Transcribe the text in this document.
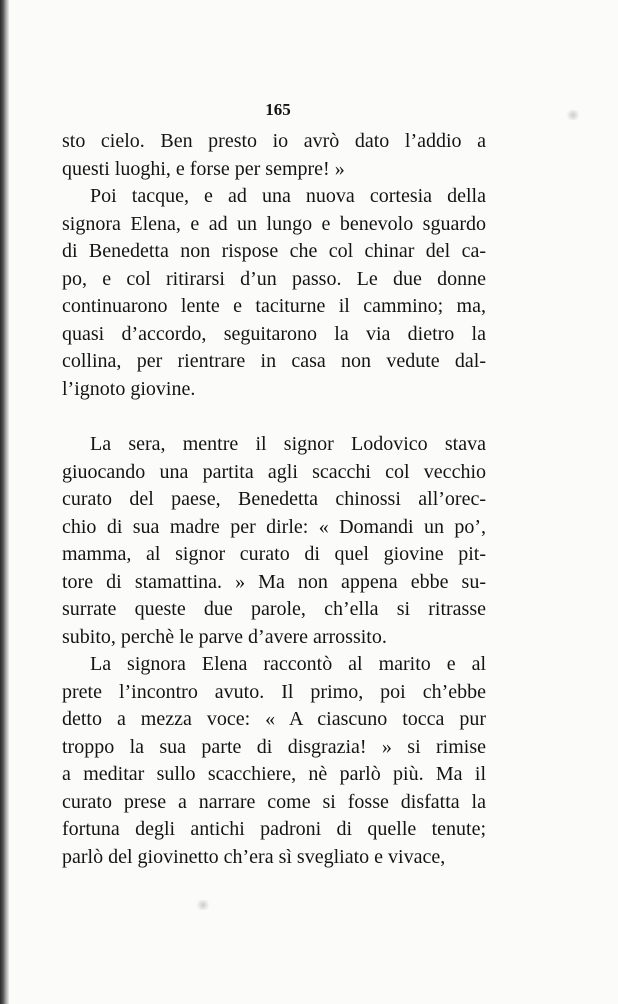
165
sto cielo. Ben presto io avrò dato l’addio a
questi luoghi, e forse per sempre! »
Poi tacque, e ad una nuova cortesia della
signora Elena, e ad un lungo e benevolo sguardo
di Benedetta non rispose che col chinar del ca-
po, e col ritirarsi d’un passo. Le due donne
continuarono lente e taciturne il cammino; ma,
quasi d’accordo, seguitarono la via dietro la
collina, per rientrare in casa non vedute dal-
l’ignoto giovine.
La sera, mentre il signor Lodovico stava
giuocando una partita agli scacchi col vecchio
curato del paese, Benedetta chinossi all’orec-
chio di sua madre per dirle: « Domandi un po’,
mamma, al signor curato di quel giovine pit-
tore di stamattina. » Ma non appena ebbe su-
surrate queste due parole, ch’ella si ritrasse
subito, perchè le parve d’avere arrossito.
La signora Elena raccontò al marito e al
prete l’incontro avuto. Il primo, poi ch’ebbe
detto a mezza voce: « A ciascuno tocca pur
troppo la sua parte di disgrazia! » si rimise
a meditar sullo scacchiere, nè parlò più. Ma il
curato prese a narrare come si fosse disfatta la
fortuna degli antichi padroni di quelle tenute;
parlò del giovinetto ch’era sì svegliato e vivace,
